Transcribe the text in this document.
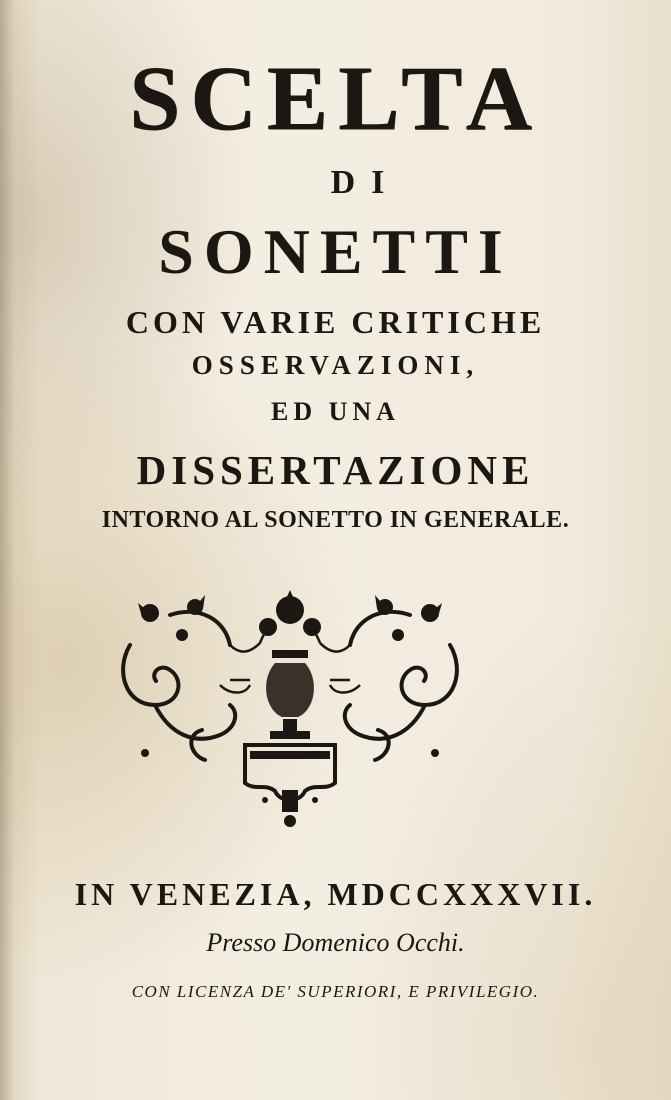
SCELTA
DI
SONETTI
CON VARIE CRITICHE
OSSERVAZIONI,
ED UNA
DISSERTAZIONE
INTORNO AL SONETTO IN GENERALE.
IN VENEZIA, MDCCXXXVII.
Presso Domenico Occhi.
CON LICENZA DE' SUPERIORI, E PRIVILEGIO.
